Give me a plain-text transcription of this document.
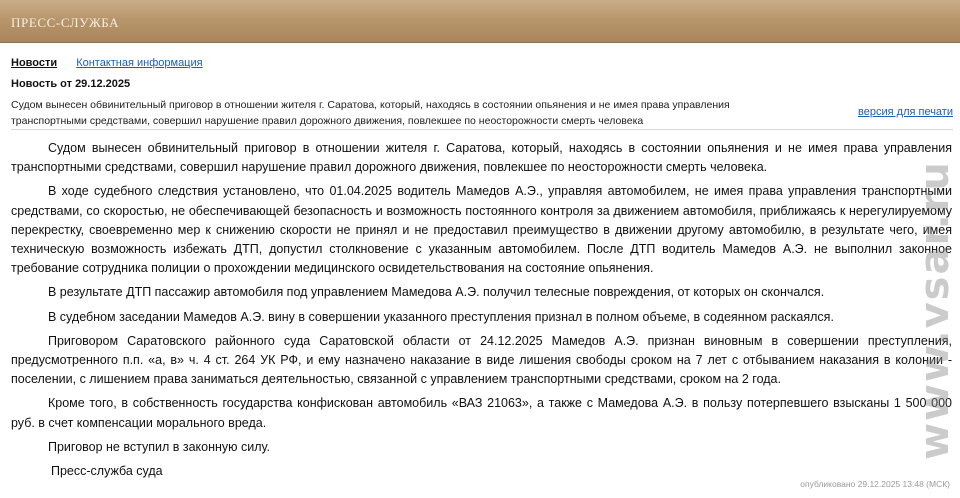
ПРЕСС-СЛУЖБА
Новости Контактная информация
Новость от 29.12.2025
Судом вынесен обвинительный приговор в отношении жителя г. Саратова, который, находясь в состоянии опьянения и не имея права управления транспортными средствами, совершил нарушение правил дорожного движения, повлекшее по неосторожности смерть человека
версия для печати

Судом вынесен обвинительный приговор в отношении жителя г. Саратова, который, находясь в состоянии опьянения и не имея права управления транспортными средствами, совершил нарушение правил дорожного движения, повлекшее по неосторожности смерть человека.

В ходе судебного следствия установлено, что 01.04.2025 водитель Мамедов А.Э., управляя автомобилем, не имея права управления транспортными средствами, со скоростью, не обеспечивающей безопасность и возможность постоянного контроля за движением автомобиля, приближаясь к нерегулируемому перекрестку, своевременно мер к снижению скорости не принял и не предоставил преимущество в движении другому автомобилю, в результате чего, имея техническую возможность избежать ДТП, допустил столкновение с указанным автомобилем. После ДТП водитель Мамедов А.Э. не выполнил законное требование сотрудника полиции о прохождении медицинского освидетельствования на состояние опьянения.

В результате ДТП пассажир автомобиля под управлением Мамедова А.Э. получил телесные повреждения, от которых он скончался.

В судебном заседании Мамедов А.Э. вину в совершении указанного преступления признал в полном объеме, в содеянном раскаялся.

Приговором Саратовского районного суда Саратовской области от 24.12.2025 Мамедов А.Э. признан виновным в совершении преступления, предусмотренного п.п. «а, в» ч. 4 ст. 264 УК РФ, и ему назначено наказание в виде лишения свободы сроком на 7 лет с отбыванием наказания в колонии - поселении, с лишением права заниматься деятельностью, связанной с управлением транспортными средствами, сроком на 2 года.

Кроме того, в собственность государства конфискован автомобиль «ВАЗ 21063», а также с Мамедова А.Э. в пользу потерпевшего взысканы 1 500 000 руб. в счет компенсации морального вреда.

Приговор не вступил в законную силу.

Пресс-служба суда

опубликовано 29.12.2025 13:48 (МСК)
www.vsar.ru
